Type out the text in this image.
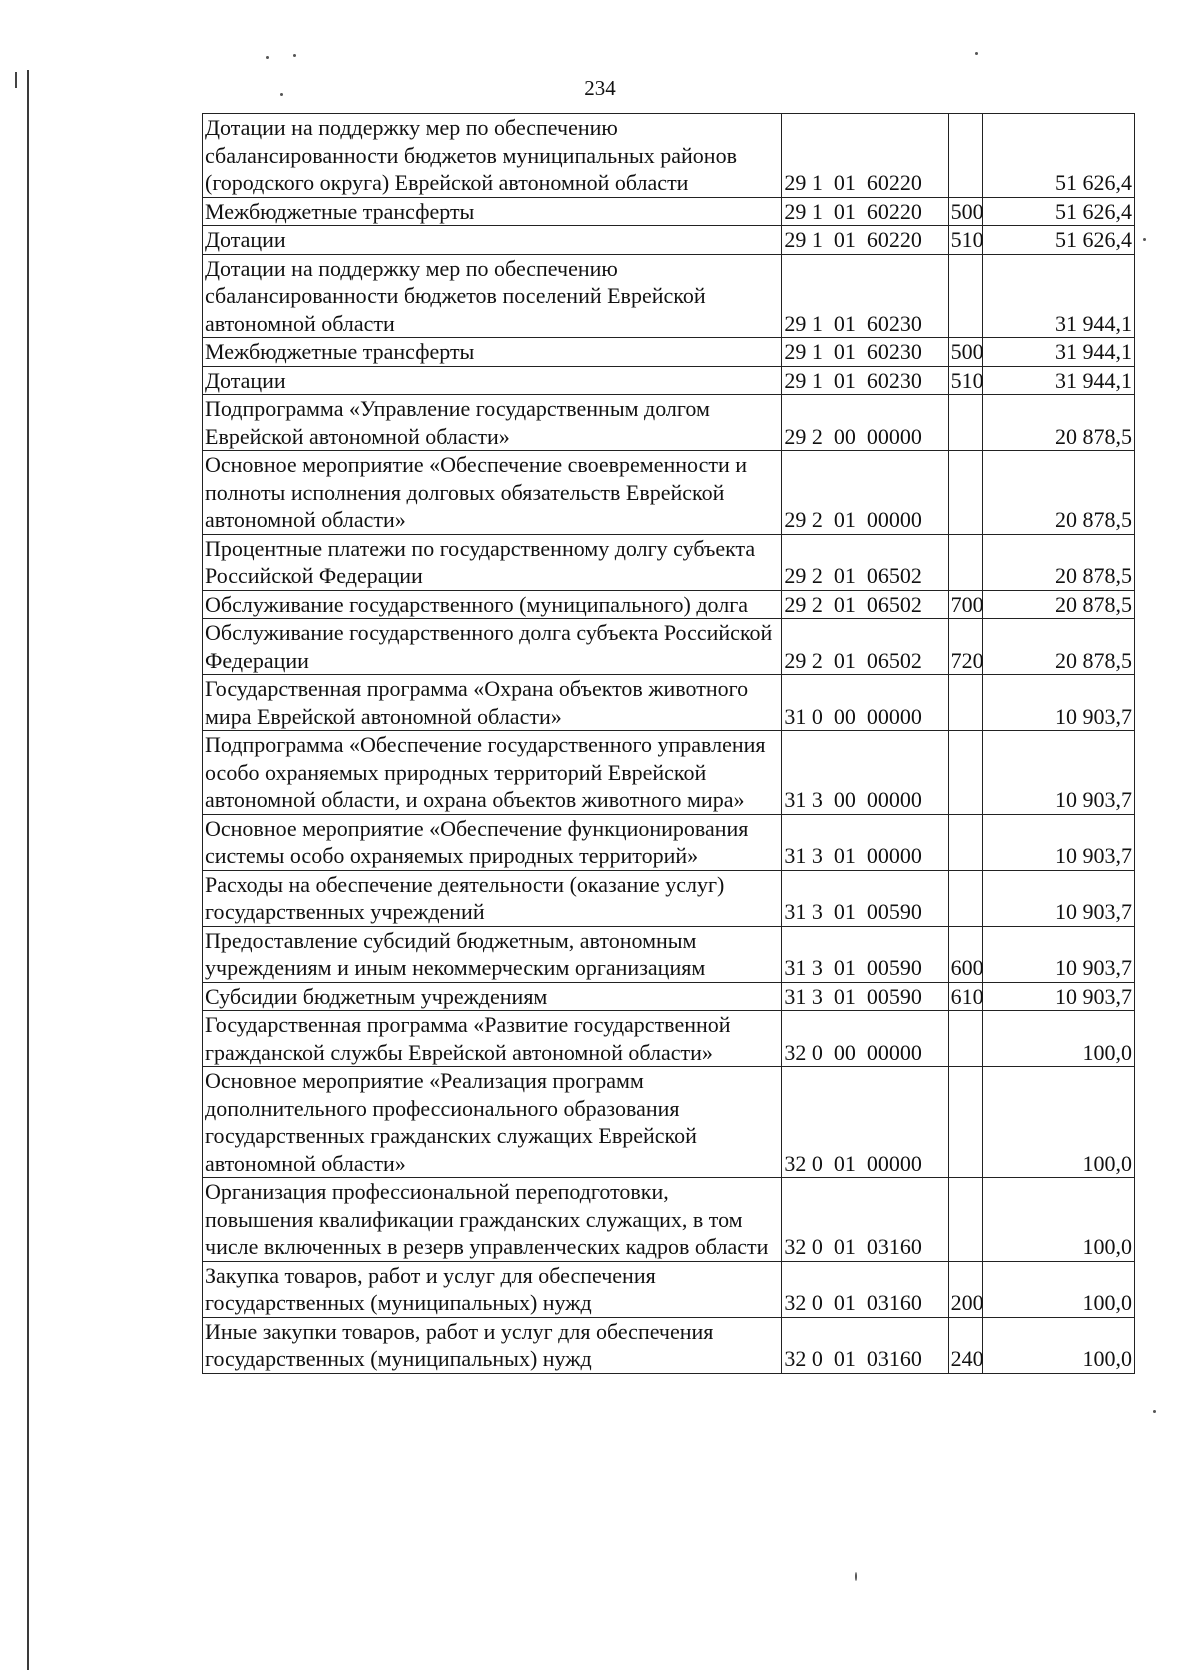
234
Дотации на поддержку мер по обеспечению сбалансированности бюджетов муниципальных районов (городского округа) Еврейской автономной области	29 1  01  60220		51 626,4
Межбюджетные трансферты	29 1  01  60220	500	51 626,4
Дотации	29 1  01  60220	510	51 626,4
Дотации на поддержку мер по обеспечению сбалансированности бюджетов поселений Еврейской автономной области	29 1  01  60230		31 944,1
Межбюджетные трансферты	29 1  01  60230	500	31 944,1
Дотации	29 1  01  60230	510	31 944,1
Подпрограмма «Управление государственным долгом Еврейской автономной области»	29 2  00  00000		20 878,5
Основное мероприятие «Обеспечение своевременности и полноты исполнения долговых обязательств Еврейской автономной области»	29 2  01  00000		20 878,5
Процентные платежи по государственному долгу субъекта Российской Федерации	29 2  01  06502		20 878,5
Обслуживание государственного (муниципального) долга	29 2  01  06502	700	20 878,5
Обслуживание государственного долга субъекта Российской Федерации	29 2  01  06502	720	20 878,5
Государственная программа «Охрана объектов животного мира Еврейской автономной области»	31 0  00  00000		10 903,7
Подпрограмма «Обеспечение государственного управления особо охраняемых природных территорий Еврейской автономной области, и охрана объектов животного мира»	31 3  00  00000		10 903,7
Основное мероприятие «Обеспечение функционирования системы особо охраняемых природных территорий»	31 3  01  00000		10 903,7
Расходы на обеспечение деятельности (оказание услуг) государственных учреждений	31 3  01  00590		10 903,7
Предоставление субсидий бюджетным, автономным учреждениям и иным некоммерческим организациям	31 3  01  00590	600	10 903,7
Субсидии бюджетным учреждениям	31 3  01  00590	610	10 903,7
Государственная программа «Развитие государственной гражданской службы Еврейской автономной области»	32 0  00  00000		100,0
Основное мероприятие «Реализация программ дополнительного профессионального образования государственных гражданских служащих Еврейской автономной области»	32 0  01  00000		100,0
Организация профессиональной переподготовки, повышения квалификации гражданских служащих, в том числе включенных в резерв управленческих кадров области	32 0  01  03160		100,0
Закупка товаров, работ и услуг для обеспечения государственных (муниципальных) нужд	32 0  01  03160	200	100,0
Иные закупки товаров, работ и услуг для обеспечения государственных (муниципальных) нужд	32 0  01  03160	240	100,0
